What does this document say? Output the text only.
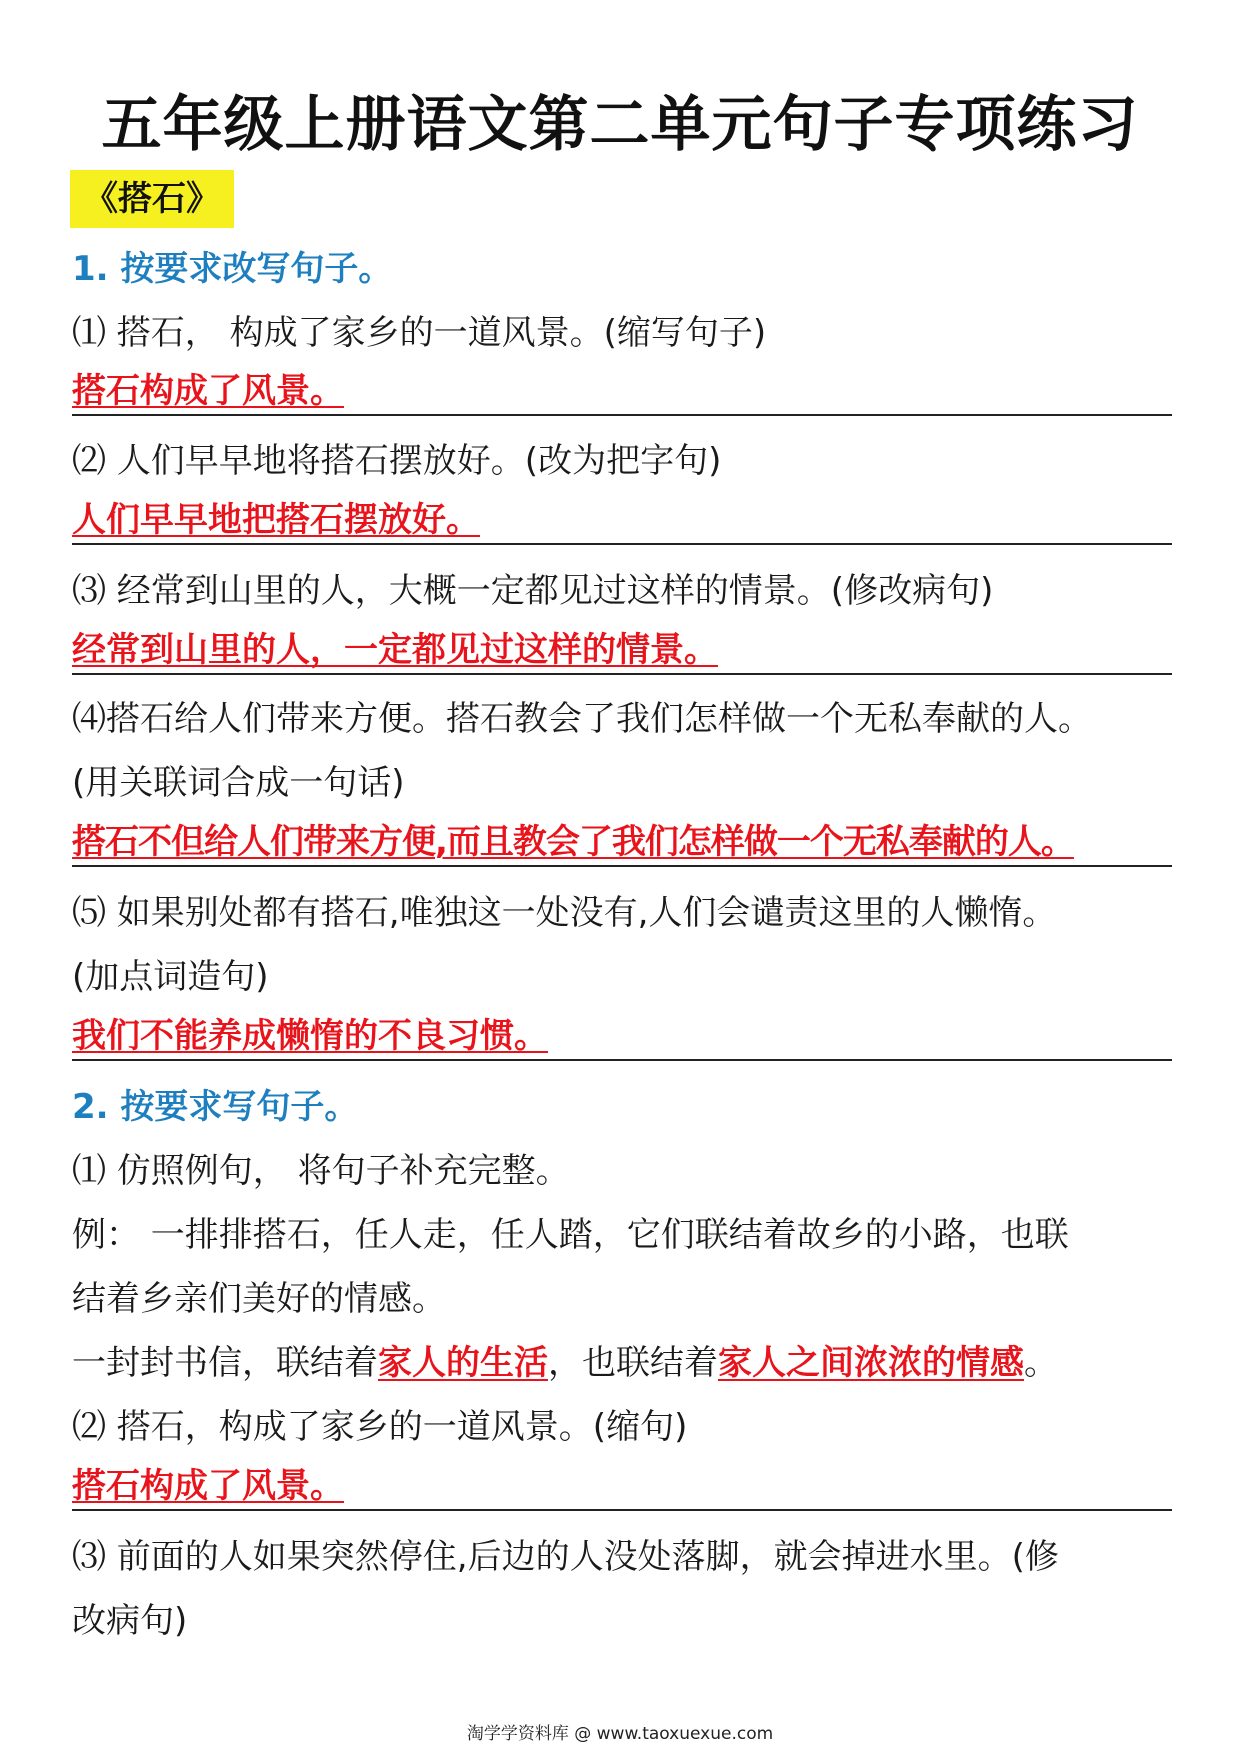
五年级上册语文第二单元句子专项练习
《搭石》
1. 按要求改写句子。
⑴ 搭石， 构成了家乡的一道风景。(缩写句子)
搭石构成了风景。
⑵ 人们早早地将搭石摆放好。(改为把字句)
人们早早地把搭石摆放好。
⑶ 经常到山里的人，大概一定都见过这样的情景。(修改病句)
经常到山里的人，一定都见过这样的情景。
⑷搭石给人们带来方便。搭石教会了我们怎样做一个无私奉献的人。
(用关联词合成一句话)
搭石不但给人们带来方便,而且教会了我们怎样做一个无私奉献的人。
⑸ 如果别处都有搭石,唯独这一处没有,人们会谴责这里的人懒惰。
(加点词造句)
我们不能养成懒惰的不良习惯。
2. 按要求写句子。
⑴ 仿照例句， 将句子补充完整。
例： 一排排搭石，任人走，任人踏，它们联结着故乡的小路，也联
结着乡亲们美好的情感。
一封封书信，联结着家人的生活，也联结着家人之间浓浓的情感。
⑵ 搭石，构成了家乡的一道风景。(缩句)
搭石构成了风景。
⑶ 前面的人如果突然停住,后边的人没处落脚，就会掉进水里。(修
改病句)
淘学学资料库 @ www.taoxuexue.com
